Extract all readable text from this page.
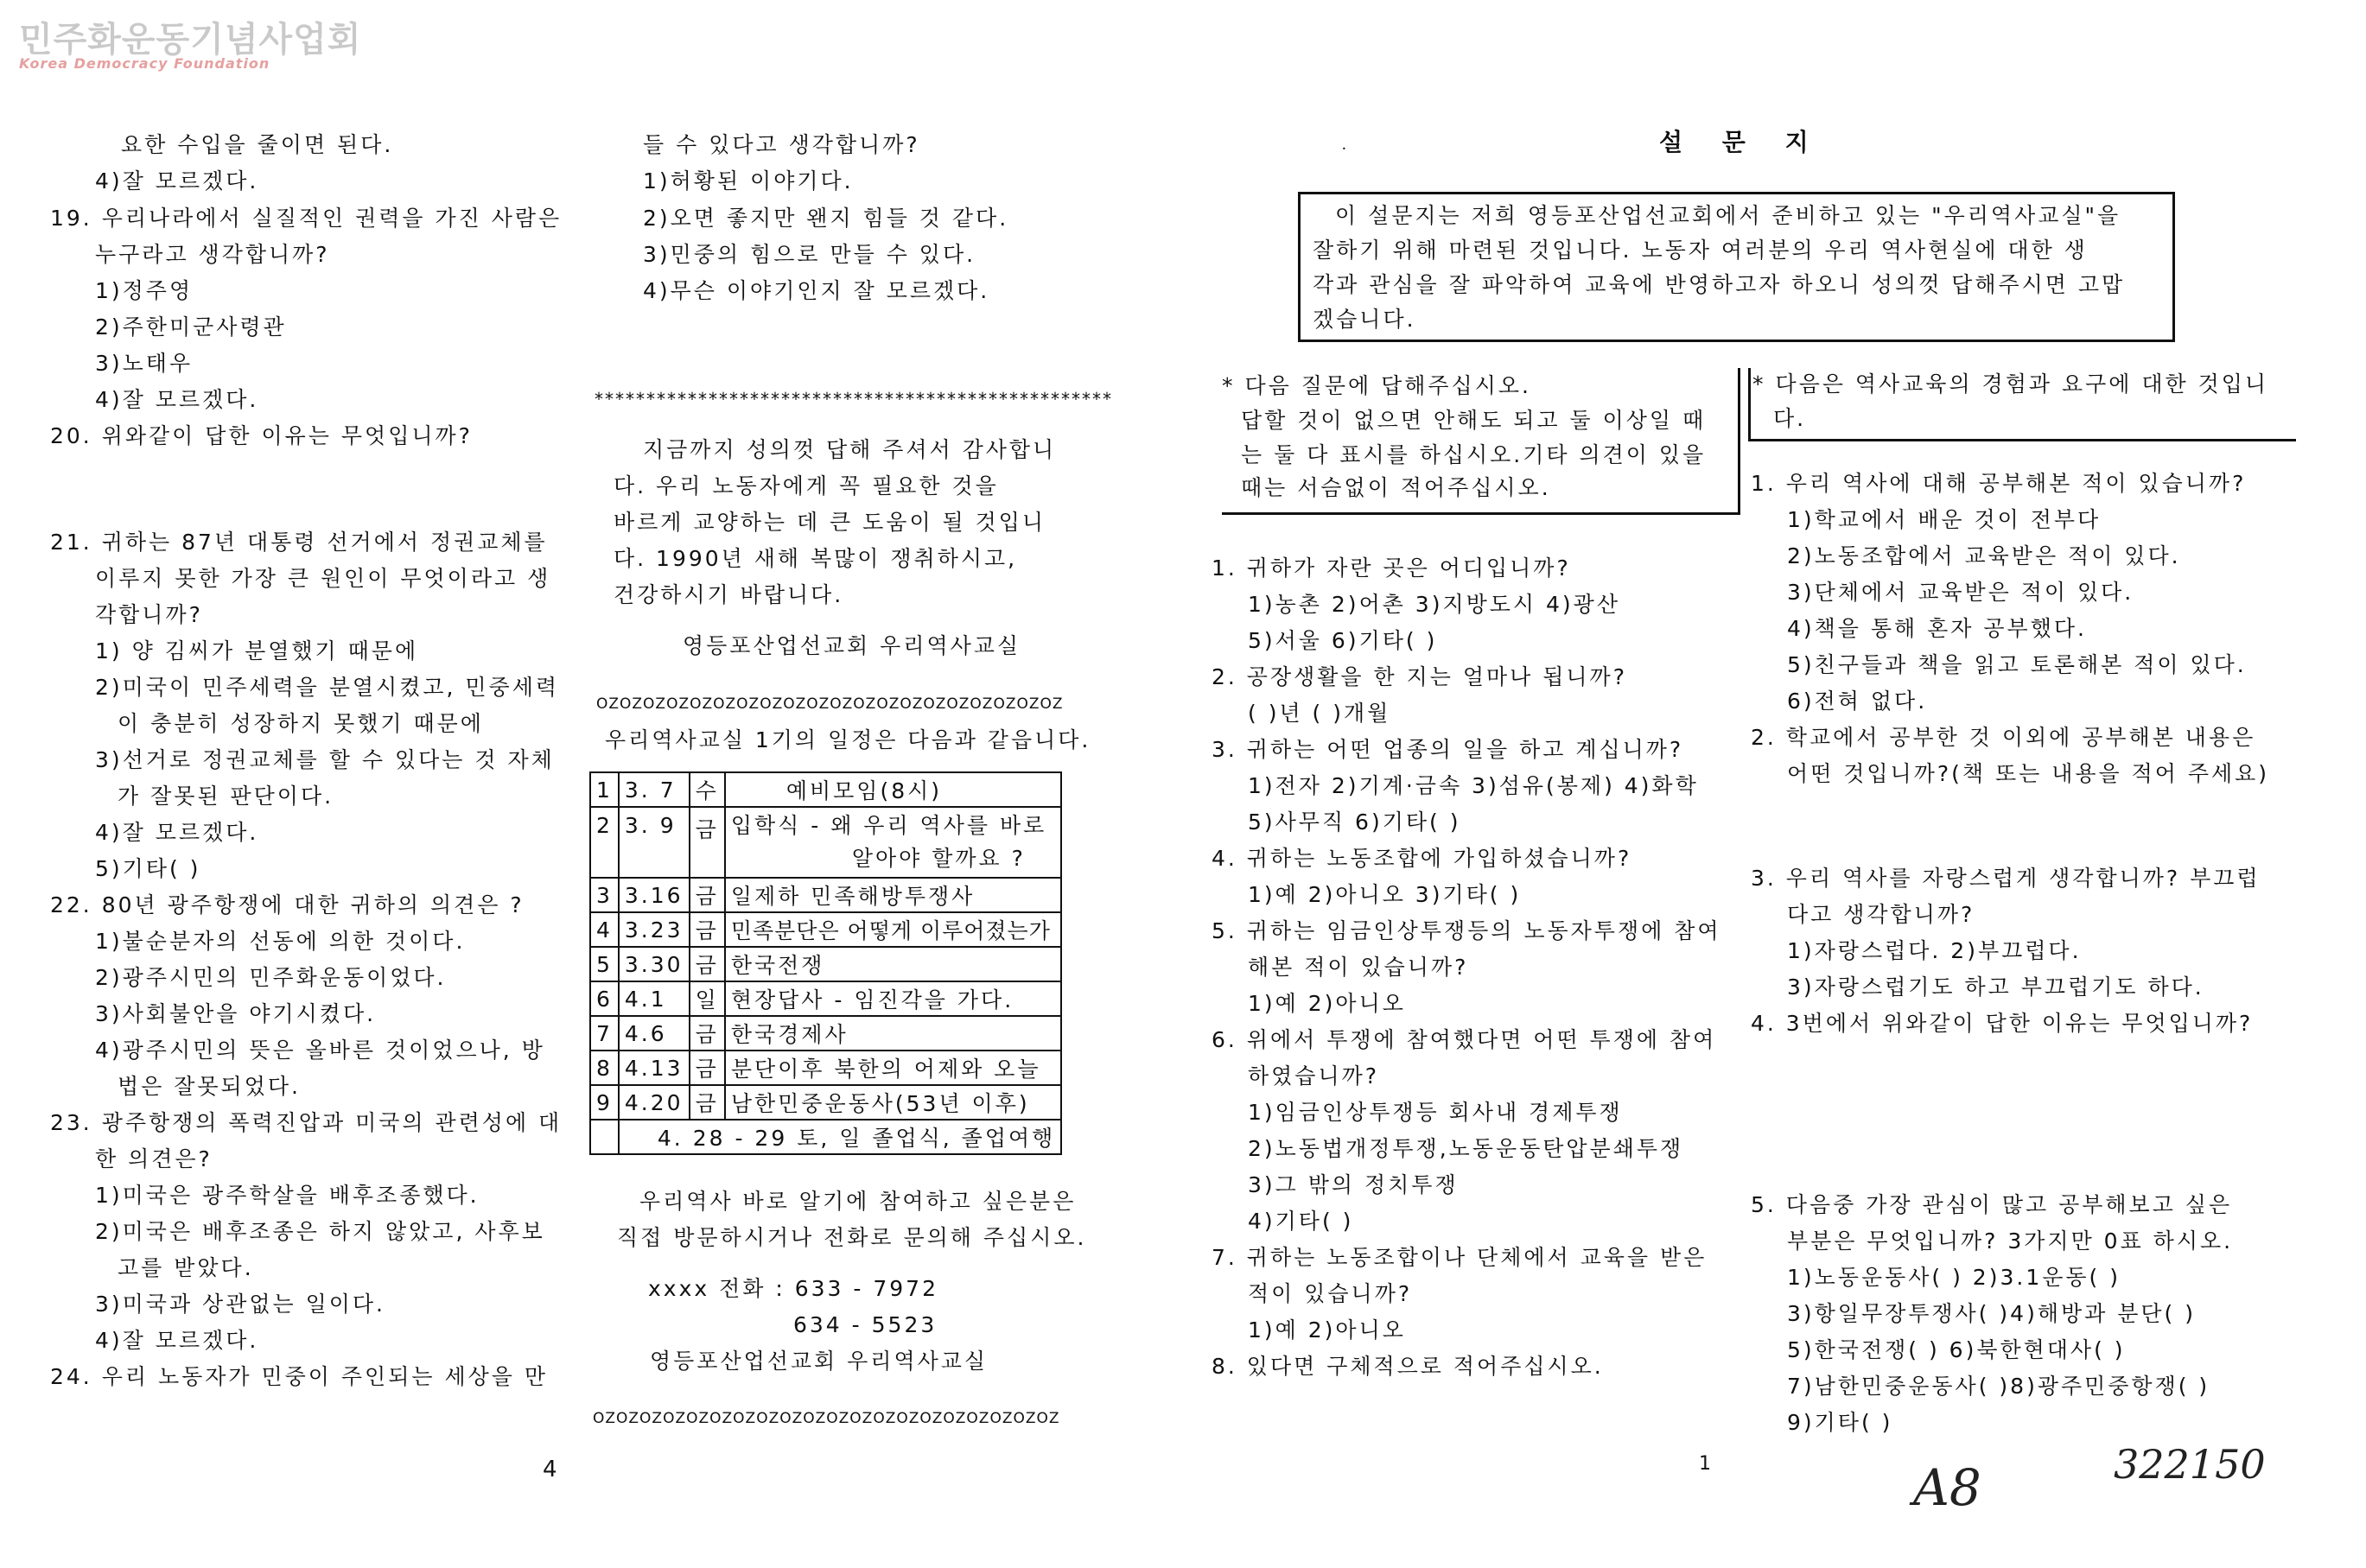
민주화운동기념사업회
Korea Democracy Foundation
요한 수입을 줄이면 된다.
4)잘 모르겠다.
19. 우리나라에서 실질적인 권력을 가진 사람은
누구라고 생각합니까?
1)정주영
2)주한미군사령관
3)노태우
4)잘 모르겠다.
20. 위와같이 답한 이유는 무엇입니까?
21. 귀하는 87년 대통령 선거에서 정권교체를
이루지 못한 가장 큰 원인이 무엇이라고 생
각합니까?
1) 양 김씨가 분열했기 때문에
2)미국이 민주세력을 분열시켰고, 민중세력
이 충분히 성장하지 못했기 때문에
3)선거로 정권교체를 할 수 있다는 것 자체
가 잘못된 판단이다.
4)잘 모르겠다.
5)기타( )
22. 80년 광주항쟁에 대한 귀하의 의견은 ?
1)불순분자의 선동에 의한 것이다.
2)광주시민의 민주화운동이었다.
3)사회불안을 야기시켰다.
4)광주시민의 뜻은 올바른 것이었으나, 방
법은 잘못되었다.
23. 광주항쟁의 폭력진압과 미국의 관련성에 대
한 의견은?
1)미국은 광주학살을 배후조종했다.
2)미국은 배후조종은 하지 않았고, 사후보
고를 받았다.
3)미국과 상관없는 일이다.
4)잘 모르겠다.
24. 우리 노동자가 민중이 주인되는 세상을 만
들 수 있다고 생각합니까?
1)허황된 이야기다.
2)오면 좋지만 왠지 힘들 것 같다.
3)민중의 힘으로 만들 수 있다.
4)무슨 이야기인지 잘 모르겠다.
**************************************************
지금까지 성의껏 답해 주셔서 감사합니
다. 우리 노동자에게 꼭 필요한 것을
바르게 교양하는 데 큰 도움이 될 것입니
다. 1990년 새해 복많이 쟁취하시고,
건강하시기 바랍니다.
영등포산업선교회 우리역사교실
OZOZOZOZOZOZOZOZOZOZOZOZOZOZOZOZOZOZOZOZ
우리역사교실 1기의 일정은 다음과 같읍니다.
1	3. 7	수	예비모임(8시)
2	3. 9	금	입학식 - 왜 우리 역사를 바로
알아야 할까요 ?

3	3.16	금	일제하 민족해방투쟁사
4	3.23	금	민족분단은 어떻게 이루어졌는가
5	3.30	금	한국전쟁
6	4.1	일	현장답사 - 임진각을 가다.
7	4.6	금	한국경제사
8	4.13	금	분단이후 북한의 어제와 오늘
9	4.20	금	남한민중운동사(53년 이후)
	4. 28 - 29 토, 일 졸업식, 졸업여행		
우리역사 바로 알기에 참여하고 싶은분은
직접 방문하시거나 전화로 문의해 주십시오.
xxxx 전화 : 633 - 7972
634 - 5523
영등포산업선교회 우리역사교실
OZOZOZOZOZOZOZOZOZOZOZOZOZOZOZOZOZOZOZOZ
4
•	설 문 지
이 설문지는 저희 영등포산업선교회에서 준비하고 있는 "우리역사교실"을
잘하기 위해 마련된 것입니다. 노동자 여러분의 우리 역사현실에 대한 생
각과 관심을 잘 파악하여 교육에 반영하고자 하오니 성의껏 답해주시면 고맙
겠습니다.
* 다음 질문에 답해주십시오.
답할 것이 없으면 안해도 되고 둘 이상일 때
는 둘 다 표시를 하십시오.기타 의견이 있을
때는 서슴없이 적어주십시오.
1. 귀하가 자란 곳은 어디입니까?
1)농촌 2)어촌 3)지방도시 4)광산
5)서울 6)기타( )
2. 공장생활을 한 지는 얼마나 됩니까?
( )년 ( )개월
3. 귀하는 어떤 업종의 일을 하고 계십니까?
1)전자 2)기계·금속 3)섬유(봉제) 4)화학
5)사무직 6)기타( )
4. 귀하는 노동조합에 가입하셨습니까?
1)예 2)아니오 3)기타( )
5. 귀하는 임금인상투쟁등의 노동자투쟁에 참여
해본 적이 있습니까?
1)예 2)아니오
6. 위에서 투쟁에 참여했다면 어떤 투쟁에 참여
하였습니까?
1)임금인상투쟁등 회사내 경제투쟁
2)노동법개정투쟁,노동운동탄압분쇄투쟁
3)그 밖의 정치투쟁
4)기타( )
7. 귀하는 노동조합이나 단체에서 교육을 받은
적이 있습니까?
1)예 2)아니오
8. 있다면 구체적으로 적어주십시오.
* 다음은 역사교육의 경험과 요구에 대한 것입니
다.
1. 우리 역사에 대해 공부해본 적이 있습니까?
1)학교에서 배운 것이 전부다
2)노동조합에서 교육받은 적이 있다.
3)단체에서 교육받은 적이 있다.
4)책을 통해 혼자 공부했다.
5)친구들과 책을 읽고 토론해본 적이 있다.
6)전혀 없다.
2. 학교에서 공부한 것 이외에 공부해본 내용은
어떤 것입니까?(책 또는 내용을 적어 주세요)
3. 우리 역사를 자랑스럽게 생각합니까? 부끄럽
다고 생각합니까?
1)자랑스럽다. 2)부끄럽다.
3)자랑스럽기도 하고 부끄럽기도 하다.
4. 3번에서 위와같이 답한 이유는 무엇입니까?
5. 다음중 가장 관심이 많고 공부해보고 싶은
부분은 무엇입니까? 3가지만 0표 하시오.
1)노동운동사( ) 2)3.1운동( )
3)항일무장투쟁사( )4)해방과 분단( )
5)한국전쟁( ) 6)북한현대사( )
7)남한민중운동사( )8)광주민중항쟁( )
9)기타( )
1	A8	322150
